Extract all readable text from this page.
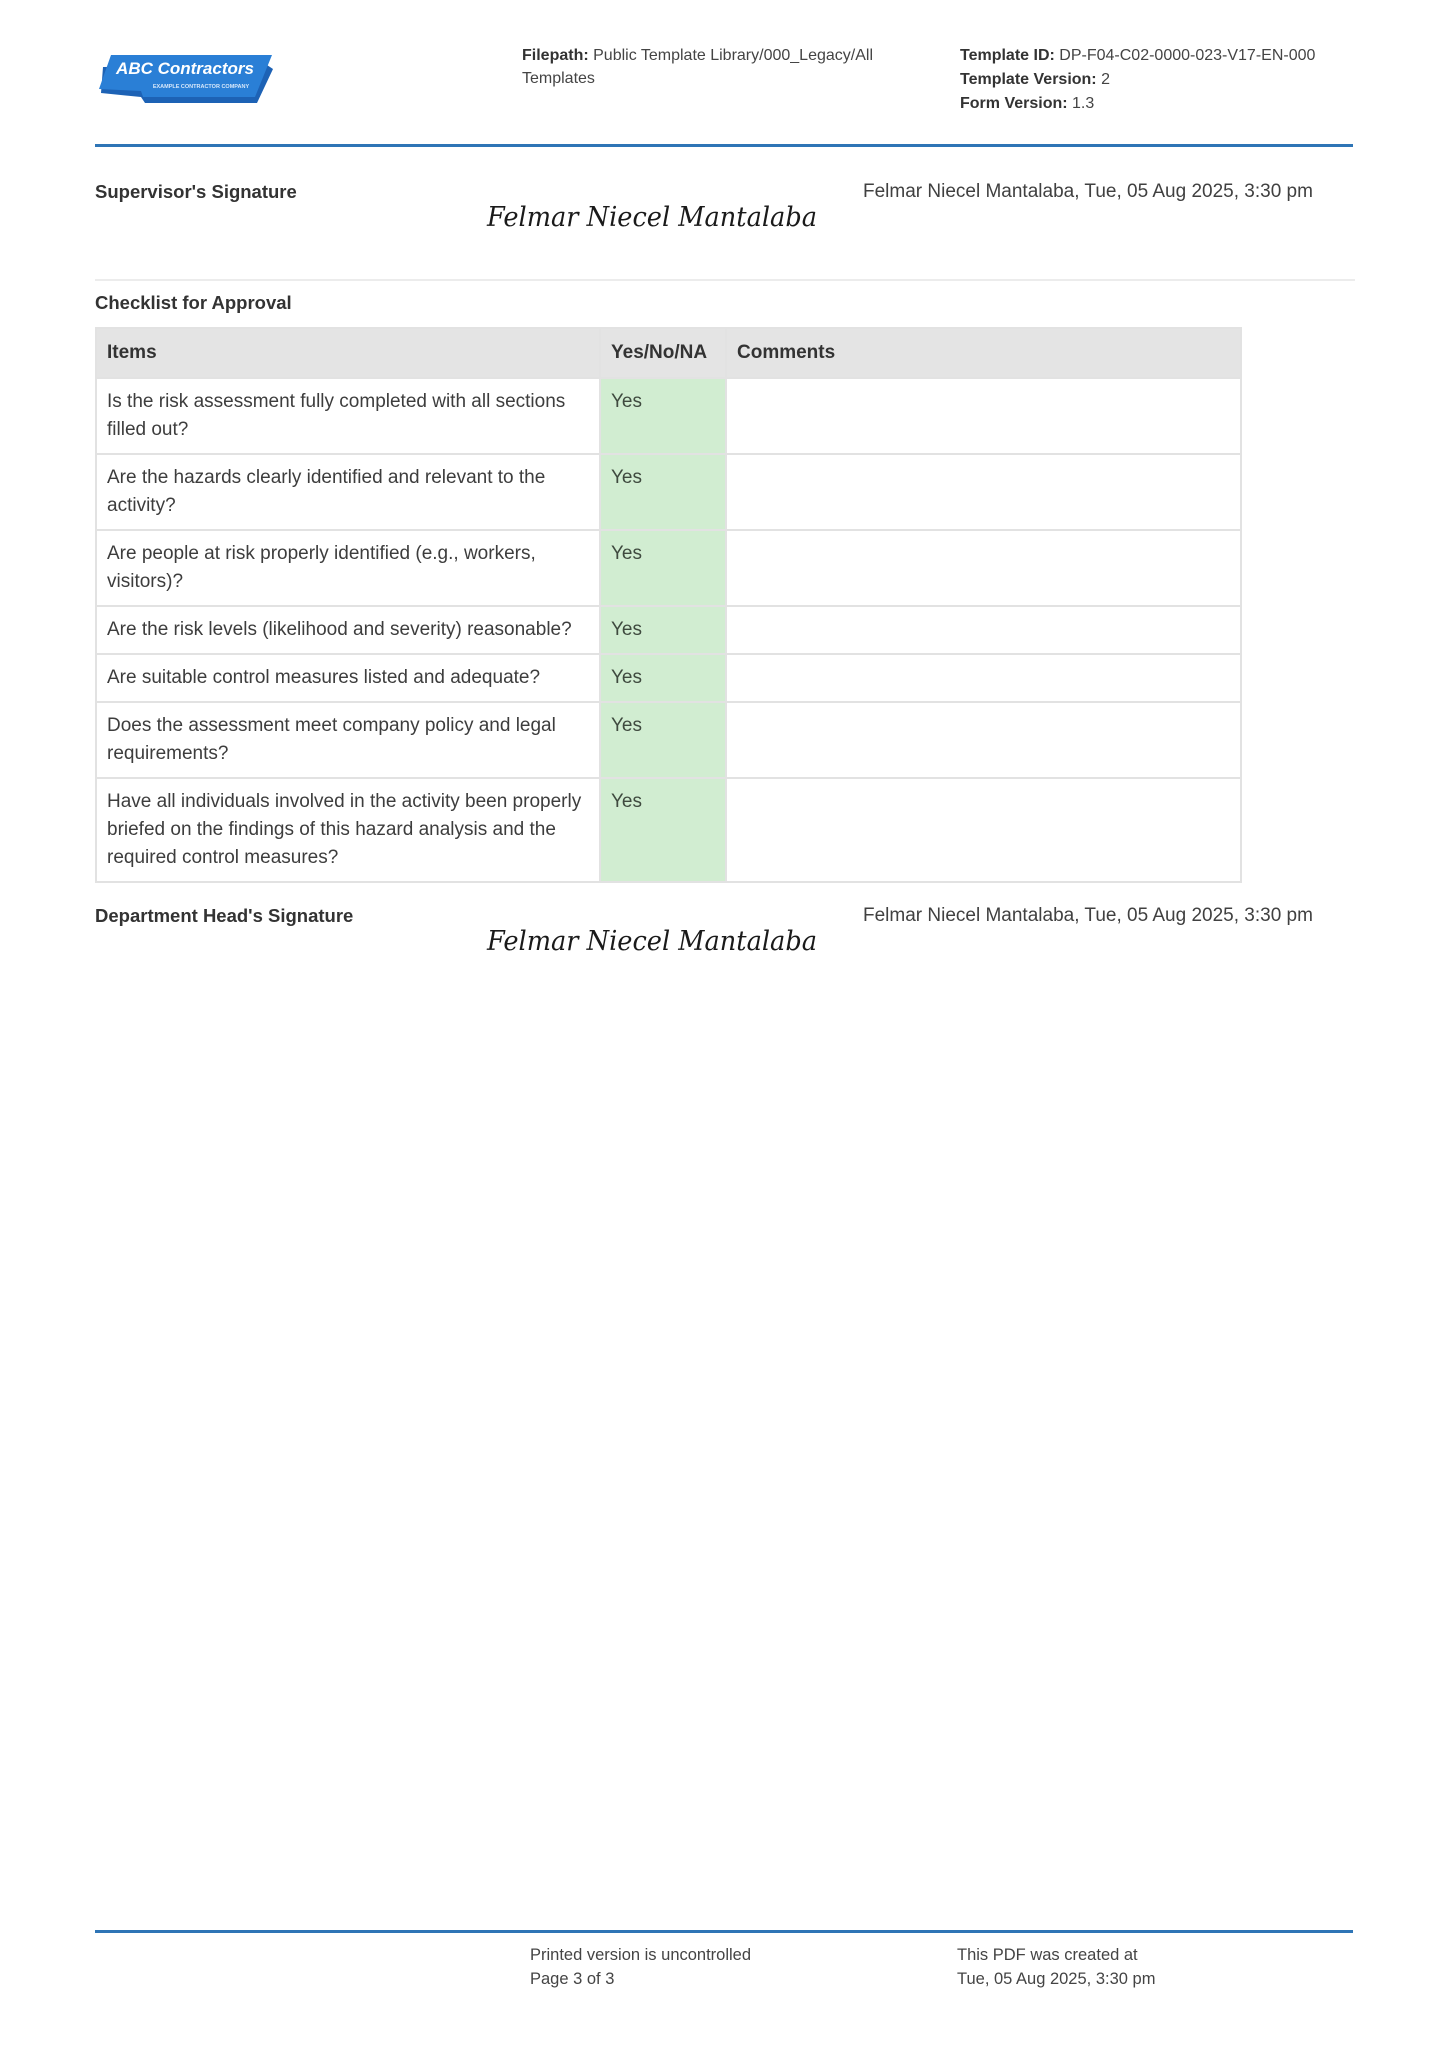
ABC Contractors
EXAMPLE CONTRACTOR COMPANY
Filepath: Public Template Library/000_Legacy/All Templates
Template ID: DP-F04-C02-0000-023-V17-EN-000
Template Version: 2
Form Version: 1.3
Supervisor's Signature
Felmar Niecel Mantalaba
Felmar Niecel Mantalaba, Tue, 05 Aug 2025, 3:30 pm
Checklist for Approval
Items	Yes/No/NA	Comments
Is the risk assessment fully completed with all sections filled out?	Yes	
Are the hazards clearly identified and relevant to the activity?	Yes	
Are people at risk properly identified (e.g., workers, visitors)?	Yes	
Are the risk levels (likelihood and severity) reasonable?	Yes	
Are suitable control measures listed and adequate?	Yes	
Does the assessment meet company policy and legal requirements?	Yes	
Have all individuals involved in the activity been properly briefed on the findings of this hazard analysis and the required control measures?	Yes	
Department Head's Signature
Felmar Niecel Mantalaba
Felmar Niecel Mantalaba, Tue, 05 Aug 2025, 3:30 pm
Printed version is uncontrolled
Page 3 of 3
This PDF was created at
Tue, 05 Aug 2025, 3:30 pm
